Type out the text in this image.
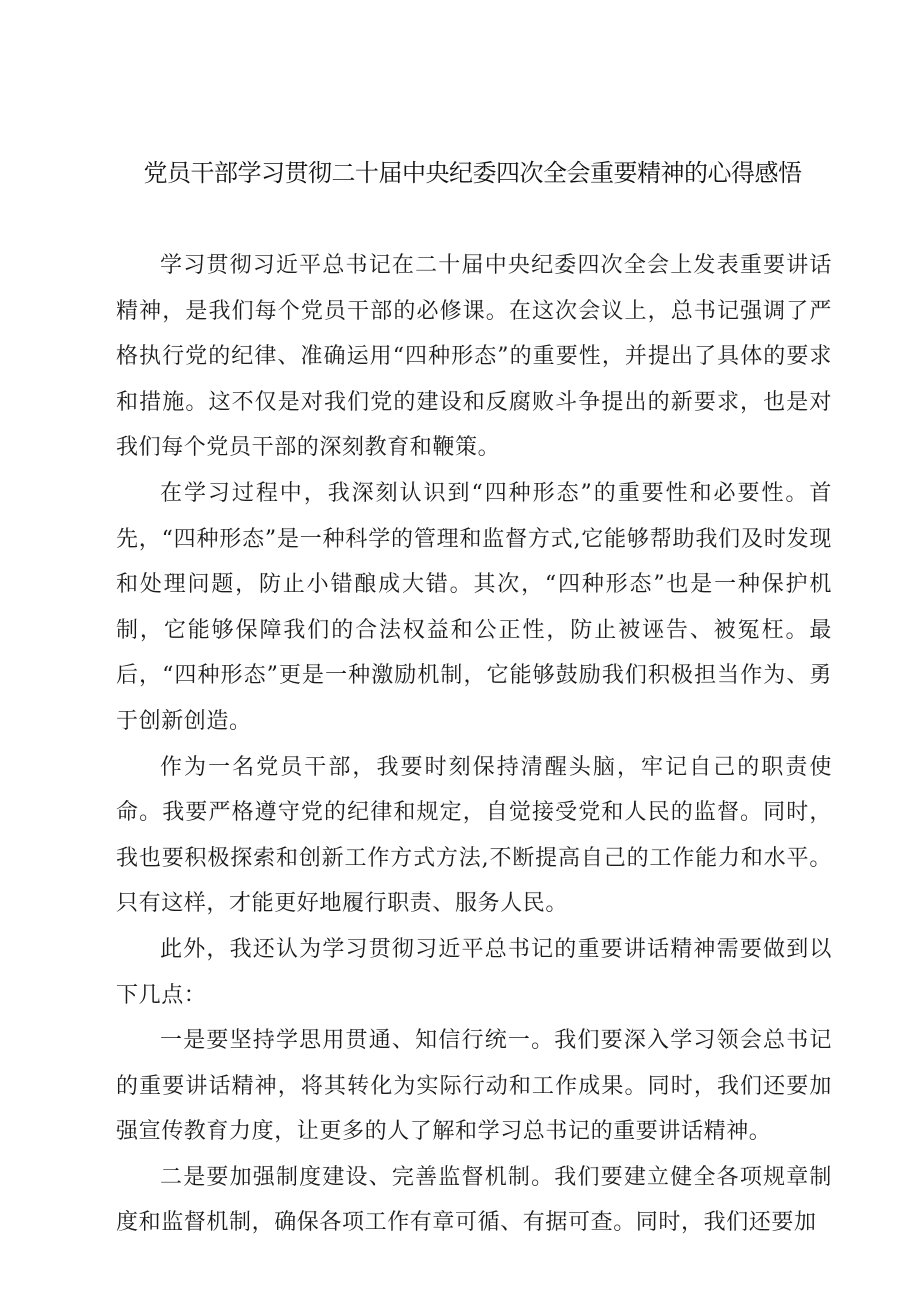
党员干部学习贯彻二十届中央纪委四次全会重要精神的心得感悟

学习贯彻习近平总书记在二十届中央纪委四次全会上发表重要讲话精神，是我们每个党员干部的必修课。在这次会议上，总书记强调了严格执行党的纪律、准确运用“四种形态”的重要性，并提出了具体的要求和措施。这不仅是对我们党的建设和反腐败斗争提出的新要求，也是对我们每个党员干部的深刻教育和鞭策。

在学习过程中，我深刻认识到“四种形态”的重要性和必要性。首先，“四种形态”是一种科学的管理和监督方式,它能够帮助我们及时发现和处理问题，防止小错酿成大错。其次，“四种形态”也是一种保护机制，它能够保障我们的合法权益和公正性，防止被诬告、被冤枉。最后，“四种形态”更是一种激励机制，它能够鼓励我们积极担当作为、勇于创新创造。

作为一名党员干部，我要时刻保持清醒头脑，牢记自己的职责使命。我要严格遵守党的纪律和规定，自觉接受党和人民的监督。同时，我也要积极探索和创新工作方式方法,不断提高自己的工作能力和水平。只有这样，才能更好地履行职责、服务人民。

此外，我还认为学习贯彻习近平总书记的重要讲话精神需要做到以下几点：

一是要坚持学思用贯通、知信行统一。我们要深入学习领会总书记的重要讲话精神，将其转化为实际行动和工作成果。同时，我们还要加强宣传教育力度，让更多的人了解和学习总书记的重要讲话精神。

二是要加强制度建设、完善监督机制。我们要建立健全各项规章制度和监督机制，确保各项工作有章可循、有据可查。同时，我们还要加
